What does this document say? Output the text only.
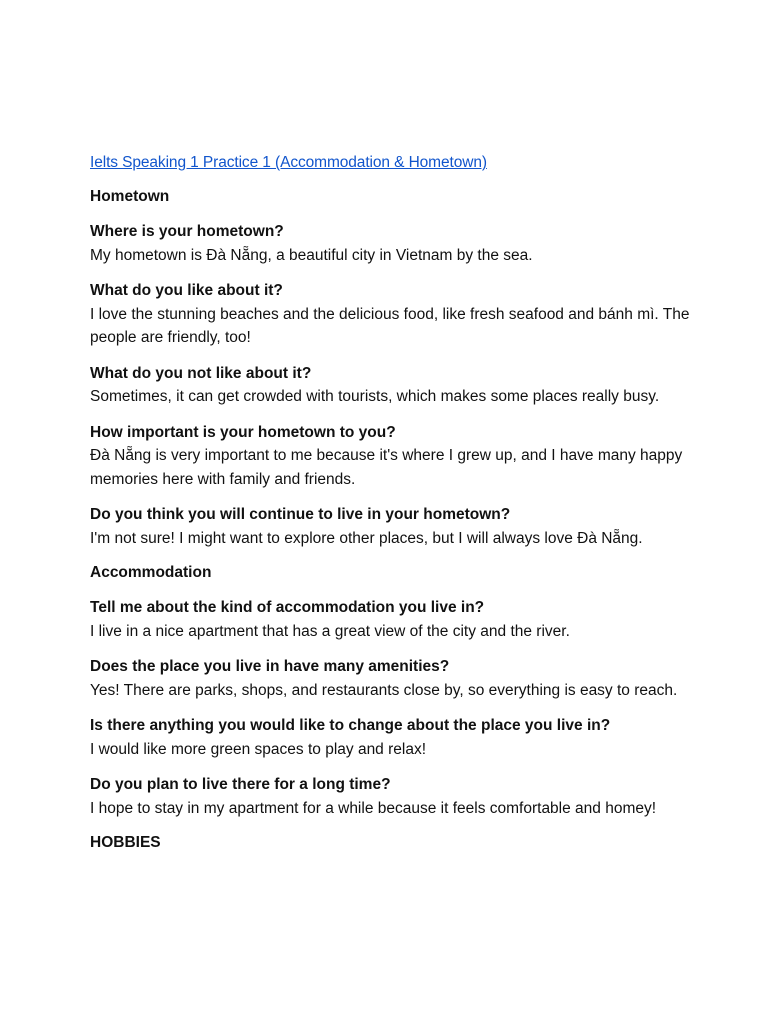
Ielts Speaking 1 Practice 1 (Accommodation & Hometown)
Hometown
Where is your hometown?
My hometown is Đà Nẵng, a beautiful city in Vietnam by the sea.
What do you like about it?
I love the stunning beaches and the delicious food, like fresh seafood and bánh mì. The people are friendly, too!
What do you not like about it?
Sometimes, it can get crowded with tourists, which makes some places really busy.
How important is your hometown to you?
Đà Nẵng is very important to me because it's where I grew up, and I have many happy memories here with family and friends.
Do you think you will continue to live in your hometown?
I'm not sure! I might want to explore other places, but I will always love Đà Nẵng.
Accommodation
Tell me about the kind of accommodation you live in?
I live in a nice apartment that has a great view of the city and the river.
Does the place you live in have many amenities?
Yes! There are parks, shops, and restaurants close by, so everything is easy to reach.
Is there anything you would like to change about the place you live in?
I would like more green spaces to play and relax!
Do you plan to live there for a long time?
I hope to stay in my apartment for a while because it feels comfortable and homey!
HOBBIES
